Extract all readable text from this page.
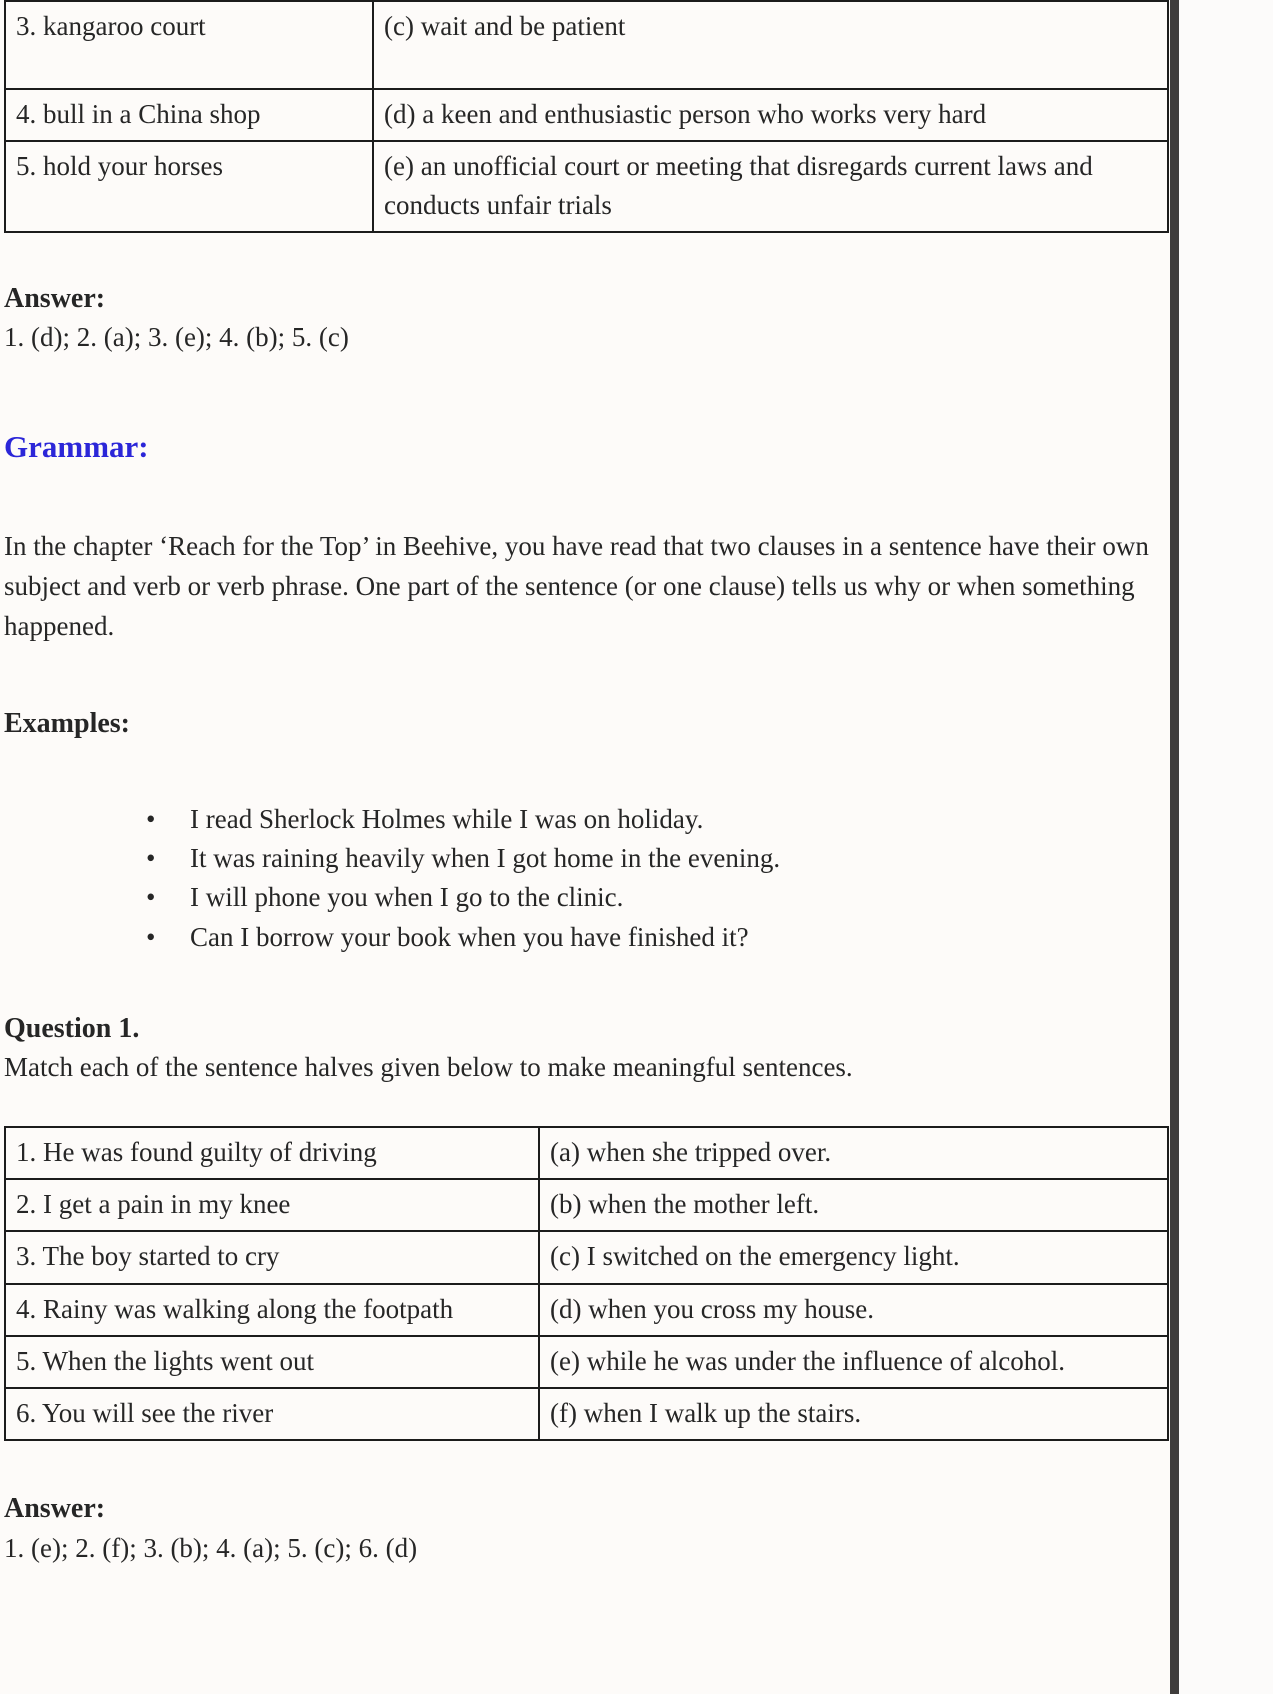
3. kangaroo court	(c) wait and be patient
4. bull in a China shop	(d) a keen and enthusiastic person who works very hard
5. hold your horses	(e) an unofficial court or meeting that disregards current laws and conducts unfair trials
Answer:
1. (d); 2. (a); 3. (e); 4. (b); 5. (c)
Grammar:
In the chapter ‘Reach for the Top’ in Beehive, you have read that two clauses in a sentence have their own subject and verb or verb phrase. One part of the sentence (or one clause) tells us why or when something happened.
Examples:
• I read Sherlock Holmes while I was on holiday.
• It was raining heavily when I got home in the evening.
• I will phone you when I go to the clinic.
• Can I borrow your book when you have finished it?
Question 1.
Match each of the sentence halves given below to make meaningful sentences.
1. He was found guilty of driving	(a) when she tripped over.
2. I get a pain in my knee	(b) when the mother left.
3. The boy started to cry	(c) I switched on the emergency light.
4. Rainy was walking along the footpath	(d) when you cross my house.
5. When the lights went out	(e) while he was under the influence of alcohol.
6. You will see the river	(f) when I walk up the stairs.
Answer:
1. (e); 2. (f); 3. (b); 4. (a); 5. (c); 6. (d)
